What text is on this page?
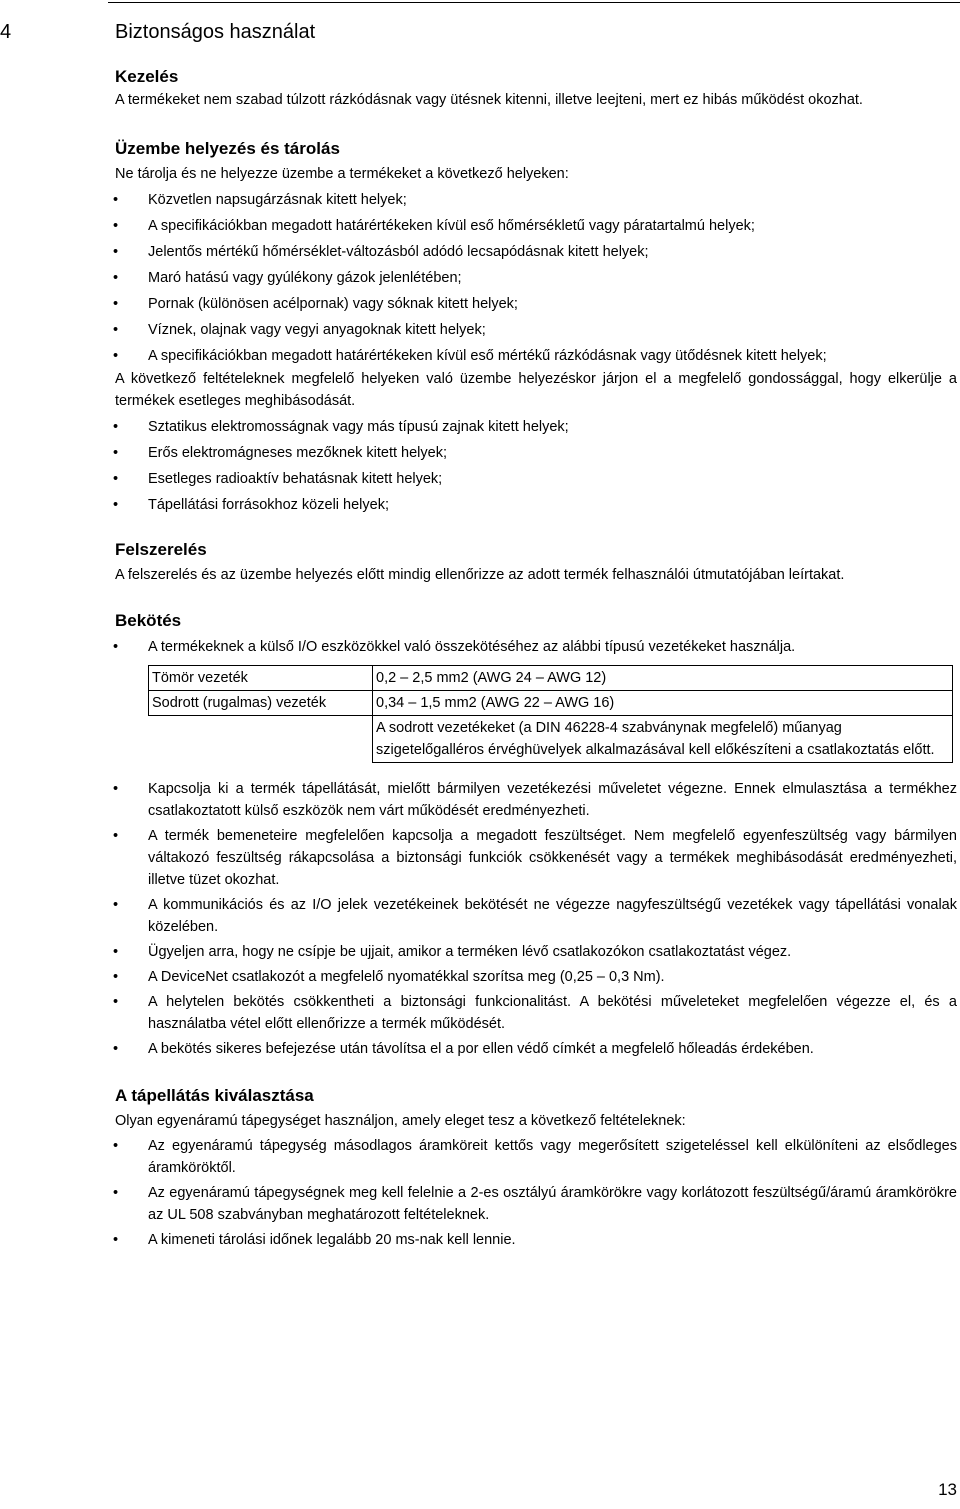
4	Biztonságos használat
Kezelés

A termékeket nem szabad túlzott rázkódásnak vagy ütésnek kitenni, illetve leejteni, mert ez hibás működést okozhat.

Üzembe helyezés és tárolás

Ne tárolja és ne helyezze üzembe a termékeket a következő helyeken:

• Közvetlen napsugárzásnak kitett helyek;
• A specifikációkban megadott határértékeken kívül eső hőmérsékletű vagy páratartalmú helyek;
• Jelentős mértékű hőmérséklet-változásból adódó lecsapódásnak kitett helyek;
• Maró hatású vagy gyúlékony gázok jelenlétében;
• Pornak (különösen acélpornak) vagy sóknak kitett helyek;
• Víznek, olajnak vagy vegyi anyagoknak kitett helyek;
• A specifikációkban megadott határértékeken kívül eső mértékű rázkódásnak vagy ütődésnek kitett helyek;

A következő feltételeknek megfelelő helyeken való üzembe helyezéskor járjon el a megfelelő gondossággal, hogy elkerülje a termékek esetleges meghibásodását.

• Sztatikus elektromosságnak vagy más típusú zajnak kitett helyek;
• Erős elektromágneses mezőknek kitett helyek;
• Esetleges radioaktív behatásnak kitett helyek;
• Tápellátási forrásokhoz közeli helyek;
Felszerelés

A felszerelés és az üzembe helyezés előtt mindig ellenőrizze az adott termék felhasználói útmutatójában leírtakat.

Bekötés
• A termékeknek a külső I/O eszközökkel való összekötéséhez az alábbi típusú vezetékeket használja.
Tömör vezeték	0,2 – 2,5 mm2 (AWG 24 – AWG 12)
Sodrott (rugalmas) vezeték	0,34 – 1,5 mm2 (AWG 22 – AWG 16)
	A sodrott vezetékeket (a DIN 46228-4 szabványnak megfelelő) műanyag szigetelőgalléros érvéghüvelyek alkalmazásával kell előkészíteni a csatlakoztatás előtt.
• Kapcsolja ki a termék tápellátását, mielőtt bármilyen vezetékezési műveletet végezne. Ennek elmulasztása a termékhez csatlakoztatott külső eszközök nem várt működését eredményezheti.
• A termék bemeneteire megfelelően kapcsolja a megadott feszültséget. Nem megfelelő egyenfeszültség vagy bármilyen váltakozó feszültség rákapcsolása a biztonsági funkciók csökkenését vagy a termékek meghibásodását eredményezheti, illetve tüzet okozhat.
• A kommunikációs és az I/O jelek vezetékeinek bekötését ne végezze nagyfeszültségű vezetékek vagy tápellátási vonalak közelében.
• Ügyeljen arra, hogy ne csípje be ujjait, amikor a terméken lévő csatlakozókon csatlakoztatást végez.
• A DeviceNet csatlakozót a megfelelő nyomatékkal szorítsa meg (0,25 – 0,3 Nm).
• A helytelen bekötés csökkentheti a biztonsági funkcionalitást. A bekötési műveleteket megfelelően végezze el, és a használatba vétel előtt ellenőrizze a termék működését.
• A bekötés sikeres befejezése után távolítsa el a por ellen védő címkét a megfelelő hőleadás érdekében.
A tápellátás kiválasztása

Olyan egyenáramú tápegységet használjon, amely eleget tesz a következő feltételeknek:

• Az egyenáramú tápegység másodlagos áramköreit kettős vagy megerősített szigeteléssel kell elkülöníteni az elsődleges áramköröktől.
• Az egyenáramú tápegységnek meg kell felelnie a 2-es osztályú áramkörökre vagy korlátozott feszültségű/áramú áramkörökre az UL 508 szabványban meghatározott feltételeknek.
• A kimeneti tárolási időnek legalább 20 ms-nak kell lennie.
13
